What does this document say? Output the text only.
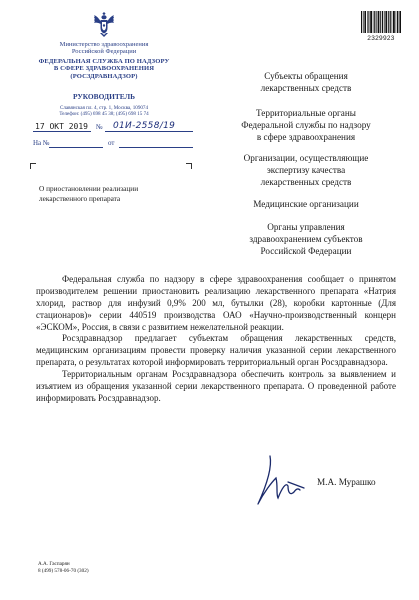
Министерство здравоохранения
Российской Федерации
ФЕДЕРАЛЬНАЯ СЛУЖБА ПО НАДЗОРУ
В СФЕРЕ ЗДРАВООХРАНЕНИЯ
(РОСЗДРАВНАДЗОР)
РУКОВОДИТЕЛЬ
Славянская пл. 4, стр. 1, Москва, 109074
Телефон: (495) 698 45 38; (495) 698 15 74
17 ОКТ 2019 № 01И-2558/19
На №	от
2329923
О приостановлении реализации
лекарственного препарата
Субъекты обращения
лекарственных средств
Территориальные органы
Федеральной службы по надзору
в сфере здравоохранения
Организации, осуществляющие
экспертизу качества
лекарственных средств
Медицинские организации
Органы управления
здравоохранением субъектов
Российской Федерации

Федеральная служба по надзору в сфере здравоохранения сообщает о принятом производителем решении приостановить реализацию лекарственного препарата «Натрия хлорид, раствор для инфузий 0,9% 200 мл, бутылки (28), коробки картонные (Для стационаров)» серии 440519 производства ОАО «Научно-производственный концерн «ЭСКОМ», Россия, в связи с развитием нежелательной реакции.

Росздравнадзор предлагает субъектам обращения лекарственных средств, медицинским организациям провести проверку наличия указанной серии лекарственного препарата, о результатах которой информировать территориальный орган Росздравнадзора.

Территориальным органам Росздравнадзора обеспечить контроль за выявлением и изъятием из обращения указанной серии лекарственного препарата. О проведенной работе информировать Росздравнадзор.

М.А. Мурашко
А.А. Гаспарян
8 (499) 578-06-70 (302)
